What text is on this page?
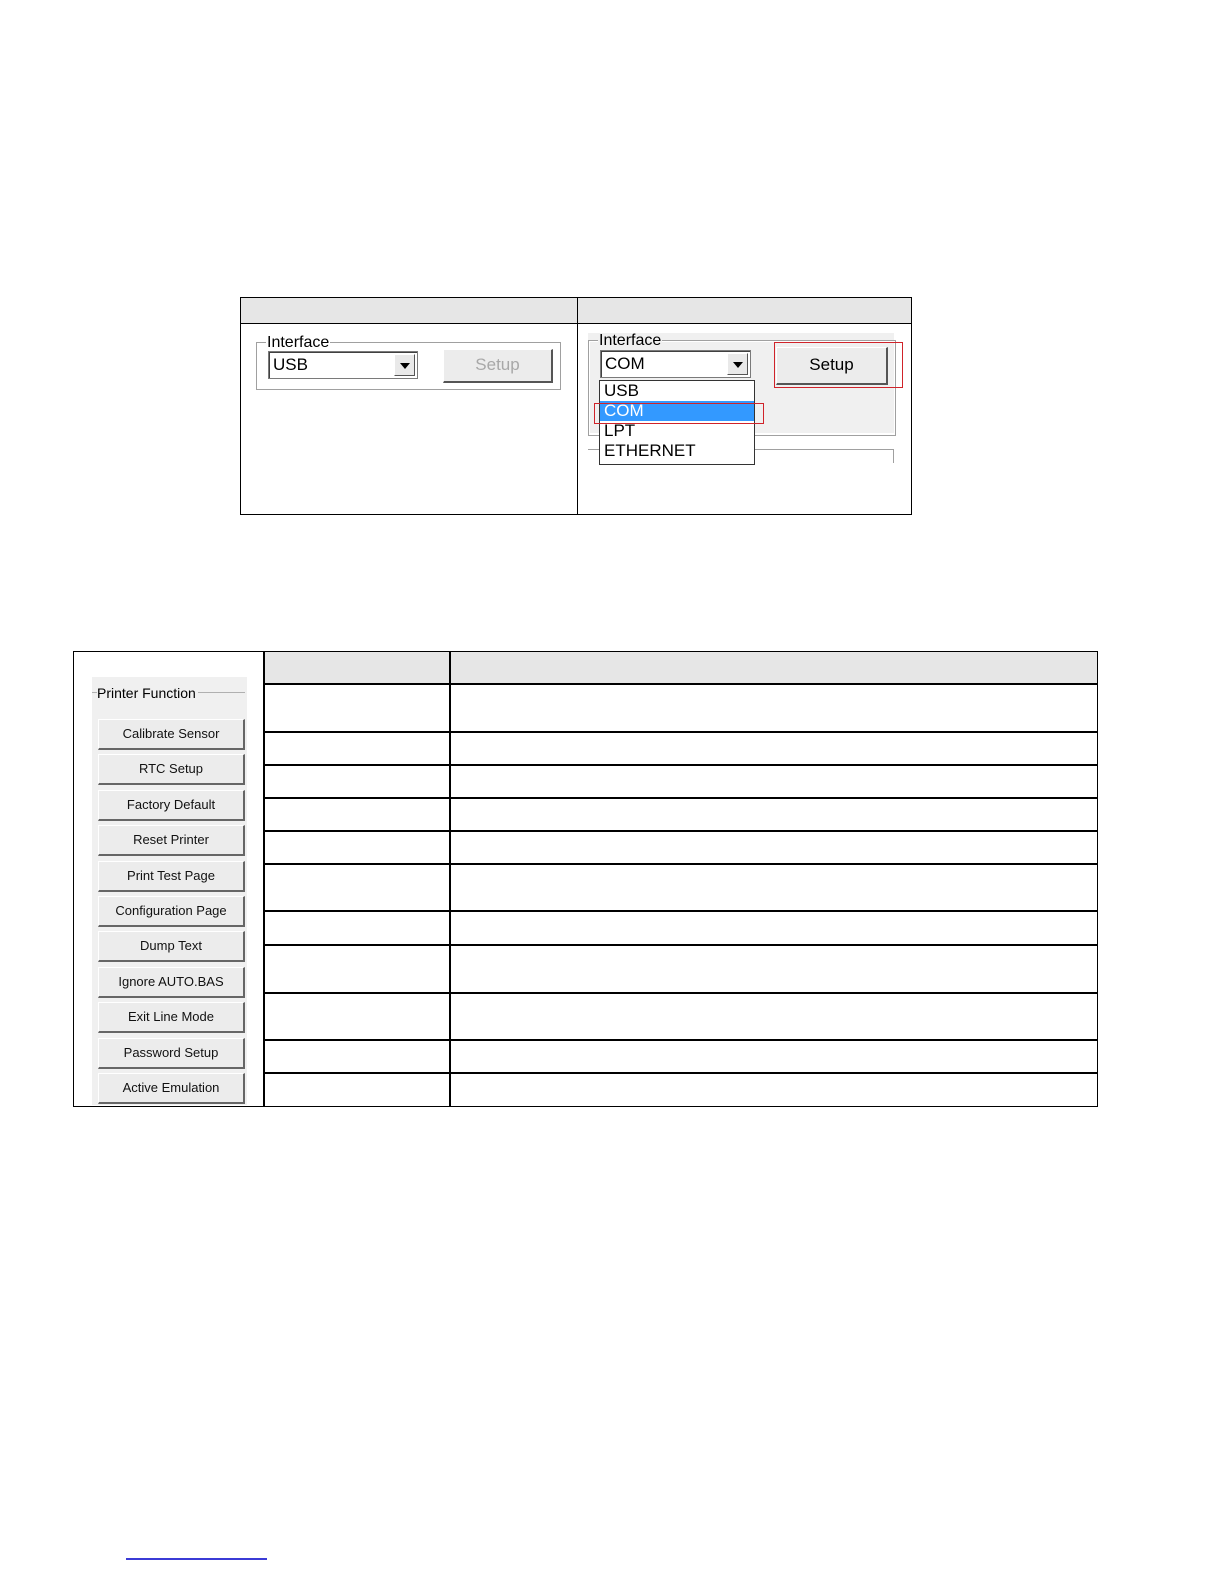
Interface
USB	Setup
Interface
COM	Setup
USB
COM
LPT
ETHERNET
Printer Function
Calibrate Sensor
RTC Setup
Factory Default
Reset Printer
Print Test Page
Configuration Page
Dump Text
Ignore AUTO.BAS
Exit Line Mode
Password Setup
Active Emulation
